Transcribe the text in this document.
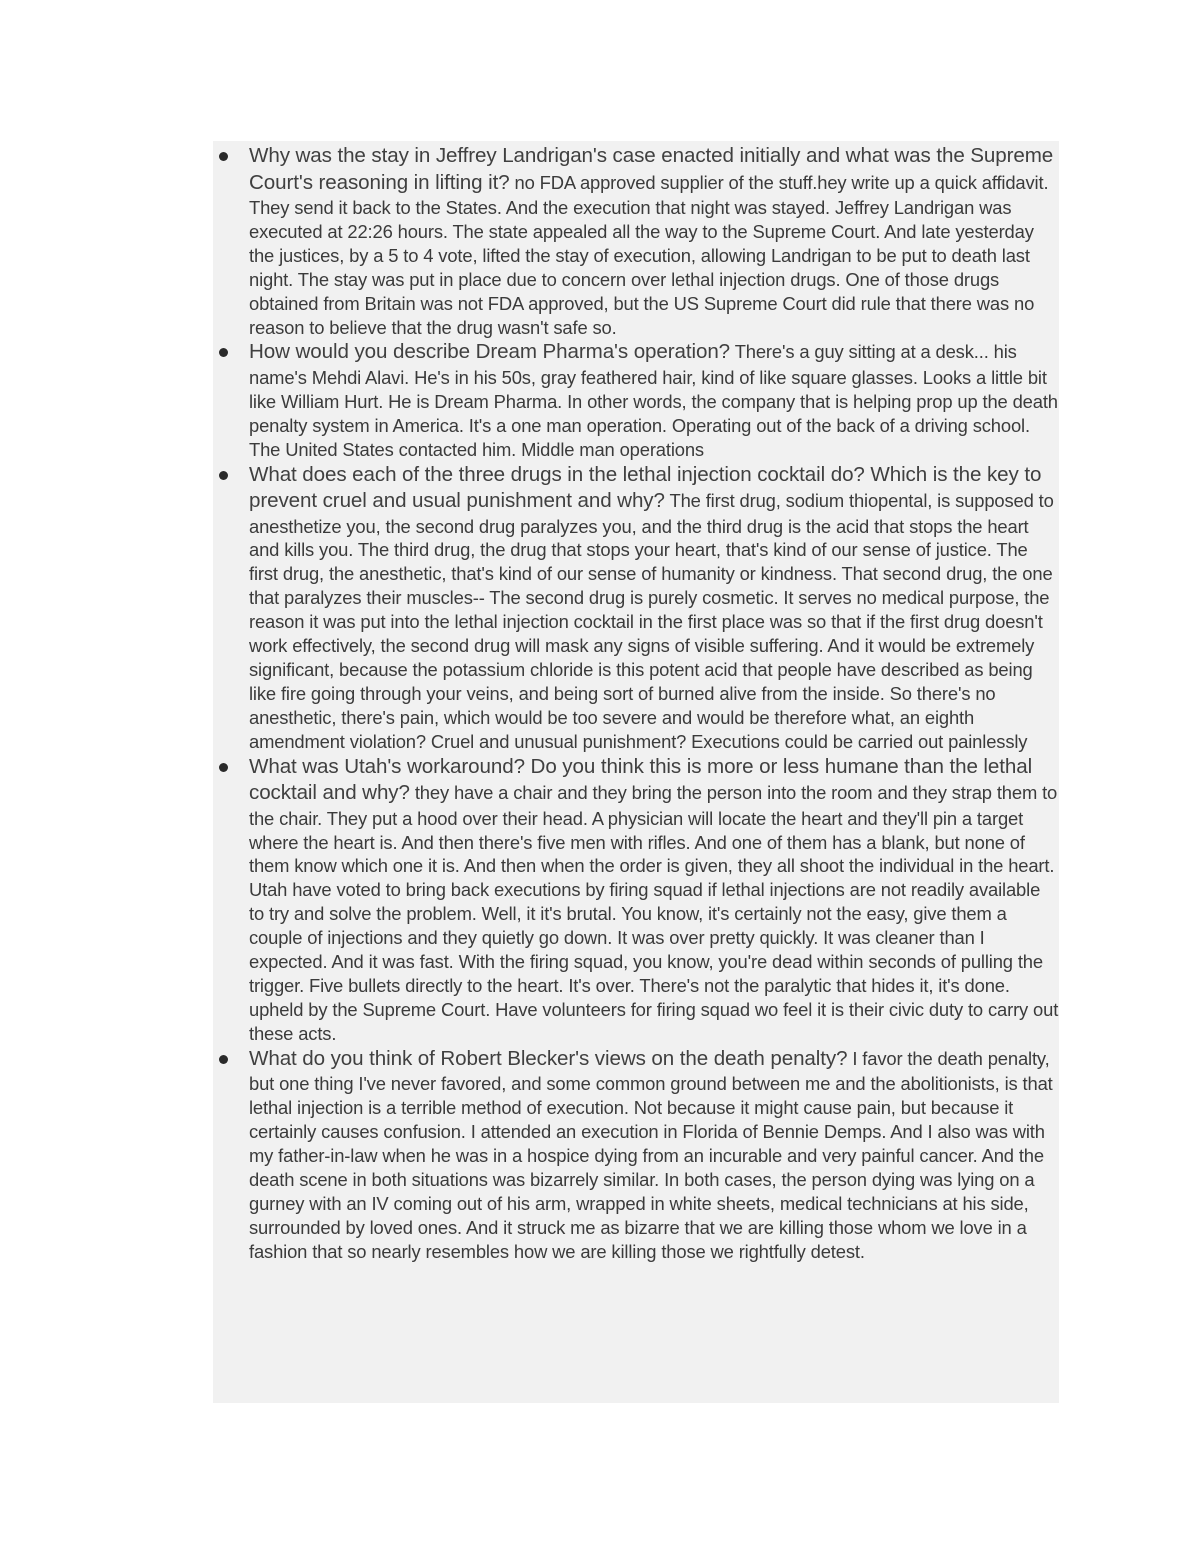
Why was the stay in Jeffrey Landrigan's case enacted initially and what was the Supreme Court's reasoning in lifting it? no FDA approved supplier of the stuff.hey write up a quick affidavit. They send it back to the States. And the execution that night was stayed. Jeffrey Landrigan was executed at 22:26 hours. The state appealed all the way to the Supreme Court. And late yesterday the justices, by a 5 to 4 vote, lifted the stay of execution, allowing Landrigan to be put to death last night. The stay was put in place due to concern over lethal injection drugs. One of those drugs obtained from Britain was not FDA approved, but the US Supreme Court did rule that there was no reason to believe that the drug wasn't safe so.
How would you describe Dream Pharma's operation? There's a guy sitting at a desk... his name's Mehdi Alavi. He's in his 50s, gray feathered hair, kind of like square glasses. Looks a little bit like William Hurt. He is Dream Pharma. In other words, the company that is helping prop up the death penalty system in America. It's a one man operation. Operating out of the back of a driving school. The United States contacted him. Middle man operations
What does each of the three drugs in the lethal injection cocktail do? Which is the key to prevent cruel and usual punishment and why? The first drug, sodium thiopental, is supposed to anesthetize you, the second drug paralyzes you, and the third drug is the acid that stops the heart and kills you. The third drug, the drug that stops your heart, that's kind of our sense of justice. The first drug, the anesthetic, that's kind of our sense of humanity or kindness. That second drug, the one that paralyzes their muscles-- The second drug is purely cosmetic. It serves no medical purpose, the reason it was put into the lethal injection cocktail in the first place was so that if the first drug doesn't work effectively, the second drug will mask any signs of visible suffering. And it would be extremely significant, because the potassium chloride is this potent acid that people have described as being like fire going through your veins, and being sort of burned alive from the inside. So there's no anesthetic, there's pain, which would be too severe and would be therefore what, an eighth amendment violation? Cruel and unusual punishment? Executions could be carried out painlessly
What was Utah's workaround? Do you think this is more or less humane than the lethal cocktail and why? they have a chair and they bring the person into the room and they strap them to the chair. They put a hood over their head. A physician will locate the heart and they'll pin a target where the heart is. And then there's five men with rifles. And one of them has a blank, but none of them know which one it is. And then when the order is given, they all shoot the individual in the heart. Utah have voted to bring back executions by firing squad if lethal injections are not readily available to try and solve the problem. Well, it it's brutal. You know, it's certainly not the easy, give them a couple of injections and they quietly go down. It was over pretty quickly. It was cleaner than I expected. And it was fast. With the firing squad, you know, you're dead within seconds of pulling the trigger. Five bullets directly to the heart. It's over. There's not the paralytic that hides it, it's done. upheld by the Supreme Court. Have volunteers for firing squad wo feel it is their civic duty to carry out these acts.
What do you think of Robert Blecker's views on the death penalty? I favor the death penalty, but one thing I've never favored, and some common ground between me and the abolitionists, is that lethal injection is a terrible method of execution. Not because it might cause pain, but because it certainly causes confusion. I attended an execution in Florida of Bennie Demps. And I also was with my father-in-law when he was in a hospice dying from an incurable and very painful cancer. And the death scene in both situations was bizarrely similar. In both cases, the person dying was lying on a gurney with an IV coming out of his arm, wrapped in white sheets, medical technicians at his side, surrounded by loved ones. And it struck me as bizarre that we are killing those whom we love in a fashion that so nearly resembles how we are killing those we rightfully detest.
